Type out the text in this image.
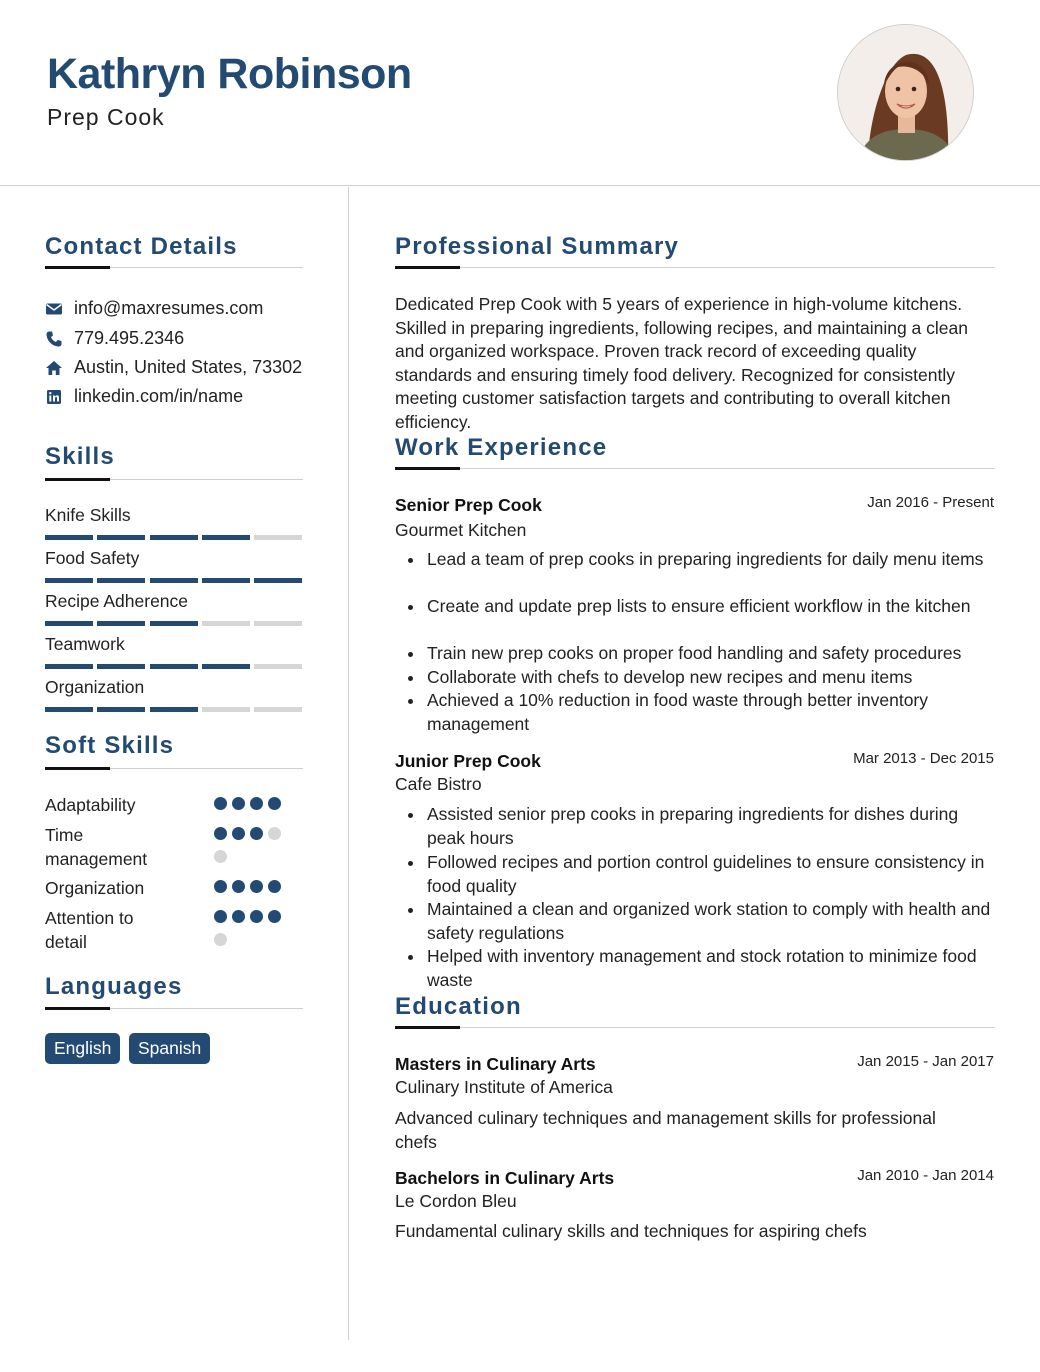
Kathryn Robinson
Prep Cook
Contact Details
info@maxresumes.com
779.495.2346
Austin, United States, 73302
linkedin.com/in/name
Skills
Knife Skills
Food Safety
Recipe Adherence
Teamwork
Organization
Soft Skills
Adaptability
Time management
Organization
Attention to detail
Languages
English	Spanish
Professional Summary
Dedicated Prep Cook with 5 years of experience in high-volume kitchens. Skilled in preparing ingredients, following recipes, and maintaining a clean and organized workspace. Proven track record of exceeding quality standards and ensuring timely food delivery. Recognized for consistently meeting customer satisfaction targets and contributing to overall kitchen efficiency.
Work Experience
Senior Prep Cook	Jan 2016 - Present
Gourmet Kitchen
Lead a team of prep cooks in preparing ingredients for daily menu items
Create and update prep lists to ensure efficient workflow in the kitchen
Train new prep cooks on proper food handling and safety procedures
Collaborate with chefs to develop new recipes and menu items
Achieved a 10% reduction in food waste through better inventory management
Junior Prep Cook	Mar 2013 - Dec 2015
Cafe Bistro
Assisted senior prep cooks in preparing ingredients for dishes during peak hours
Followed recipes and portion control guidelines to ensure consistency in food quality
Maintained a clean and organized work station to comply with health and safety regulations
Helped with inventory management and stock rotation to minimize food waste
Education
Masters in Culinary Arts	Jan 2015 - Jan 2017
Culinary Institute of America
Advanced culinary techniques and management skills for professional chefs
Bachelors in Culinary Arts	Jan 2010 - Jan 2014
Le Cordon Bleu
Fundamental culinary skills and techniques for aspiring chefs
